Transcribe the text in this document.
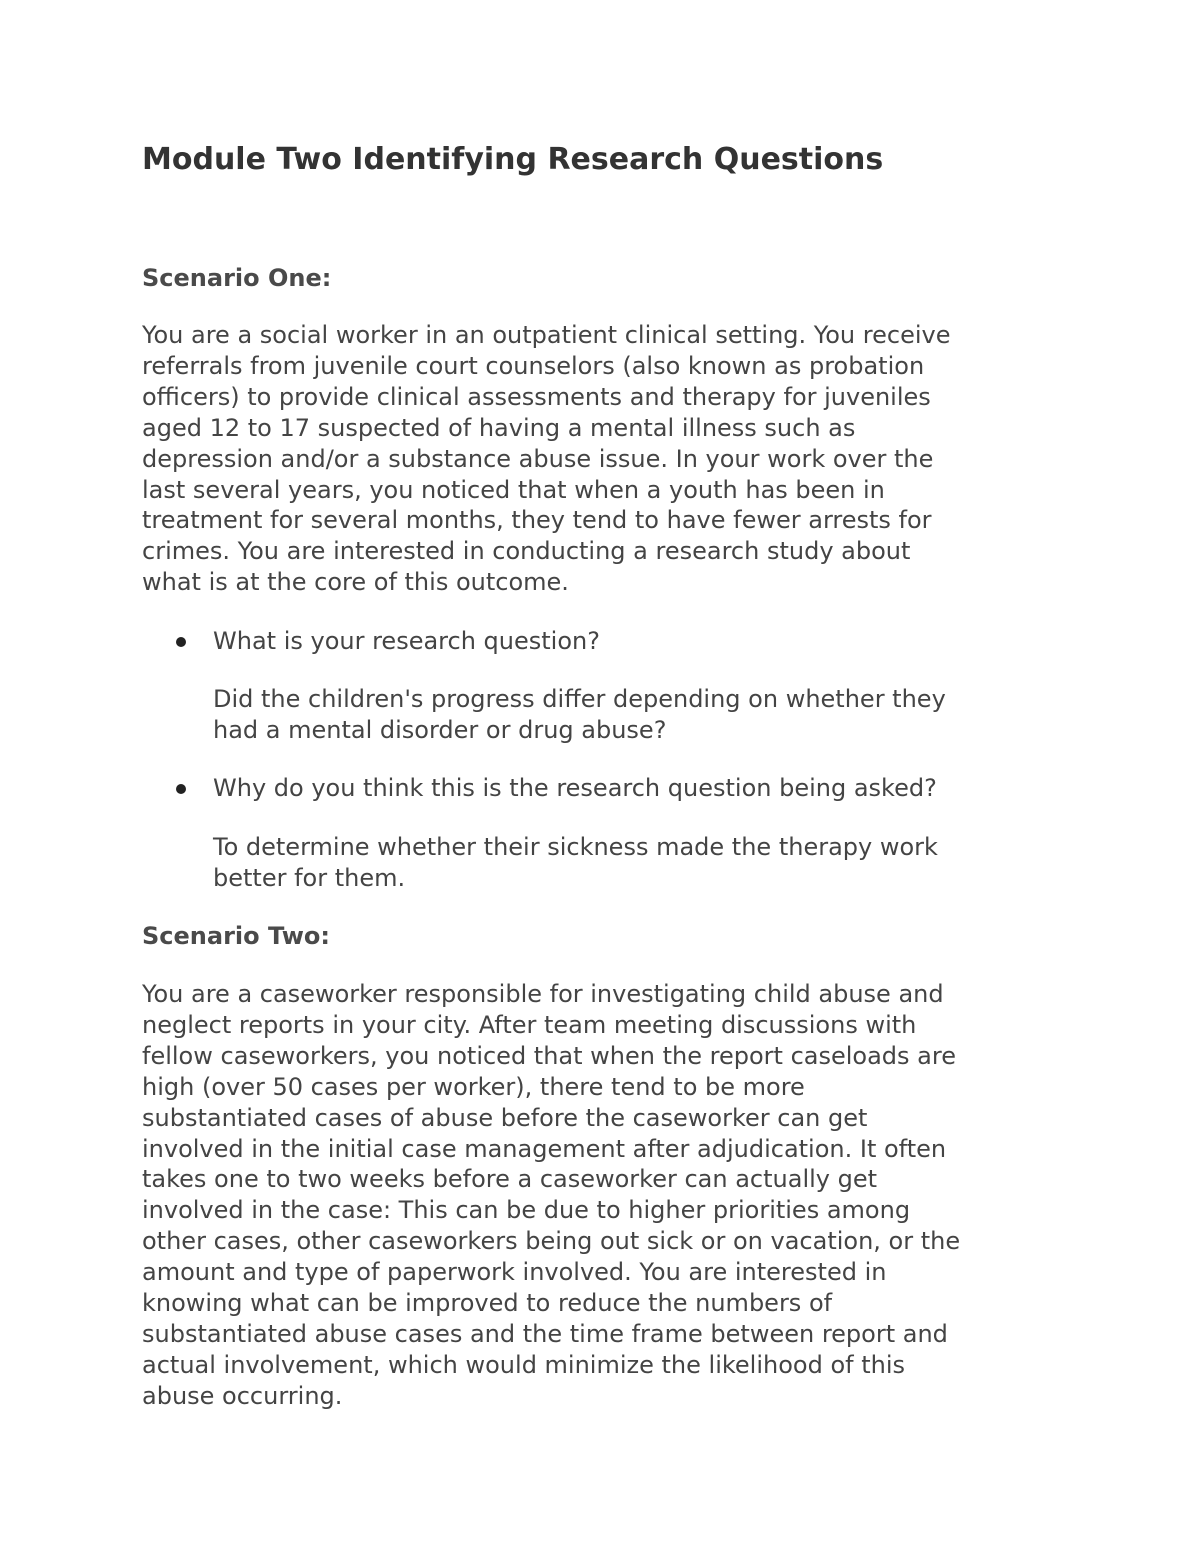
Module Two Identifying Research Questions
Scenario One:

You are a social worker in an outpatient clinical setting. You receive
referrals from juvenile court counselors (also known as probation
officers) to provide clinical assessments and therapy for juveniles
aged 12 to 17 suspected of having a mental illness such as
depression and/or a substance abuse issue. In your work over the
last several years, you noticed that when a youth has been in
treatment for several months, they tend to have fewer arrests for
crimes. You are interested in conducting a research study about
what is at the core of this outcome.

What is your research question?

Did the children's progress differ depending on whether they
had a mental disorder or drug abuse?

Why do you think this is the research question being asked?

To determine whether their sickness made the therapy work
better for them.

Scenario Two:

You are a caseworker responsible for investigating child abuse and
neglect reports in your city. After team meeting discussions with
fellow caseworkers, you noticed that when the report caseloads are
high (over 50 cases per worker), there tend to be more
substantiated cases of abuse before the caseworker can get
involved in the initial case management after adjudication. It often
takes one to two weeks before a caseworker can actually get
involved in the case: This can be due to higher priorities among
other cases, other caseworkers being out sick or on vacation, or the
amount and type of paperwork involved. You are interested in
knowing what can be improved to reduce the numbers of
substantiated abuse cases and the time frame between report and
actual involvement, which would minimize the likelihood of this
abuse occurring.
